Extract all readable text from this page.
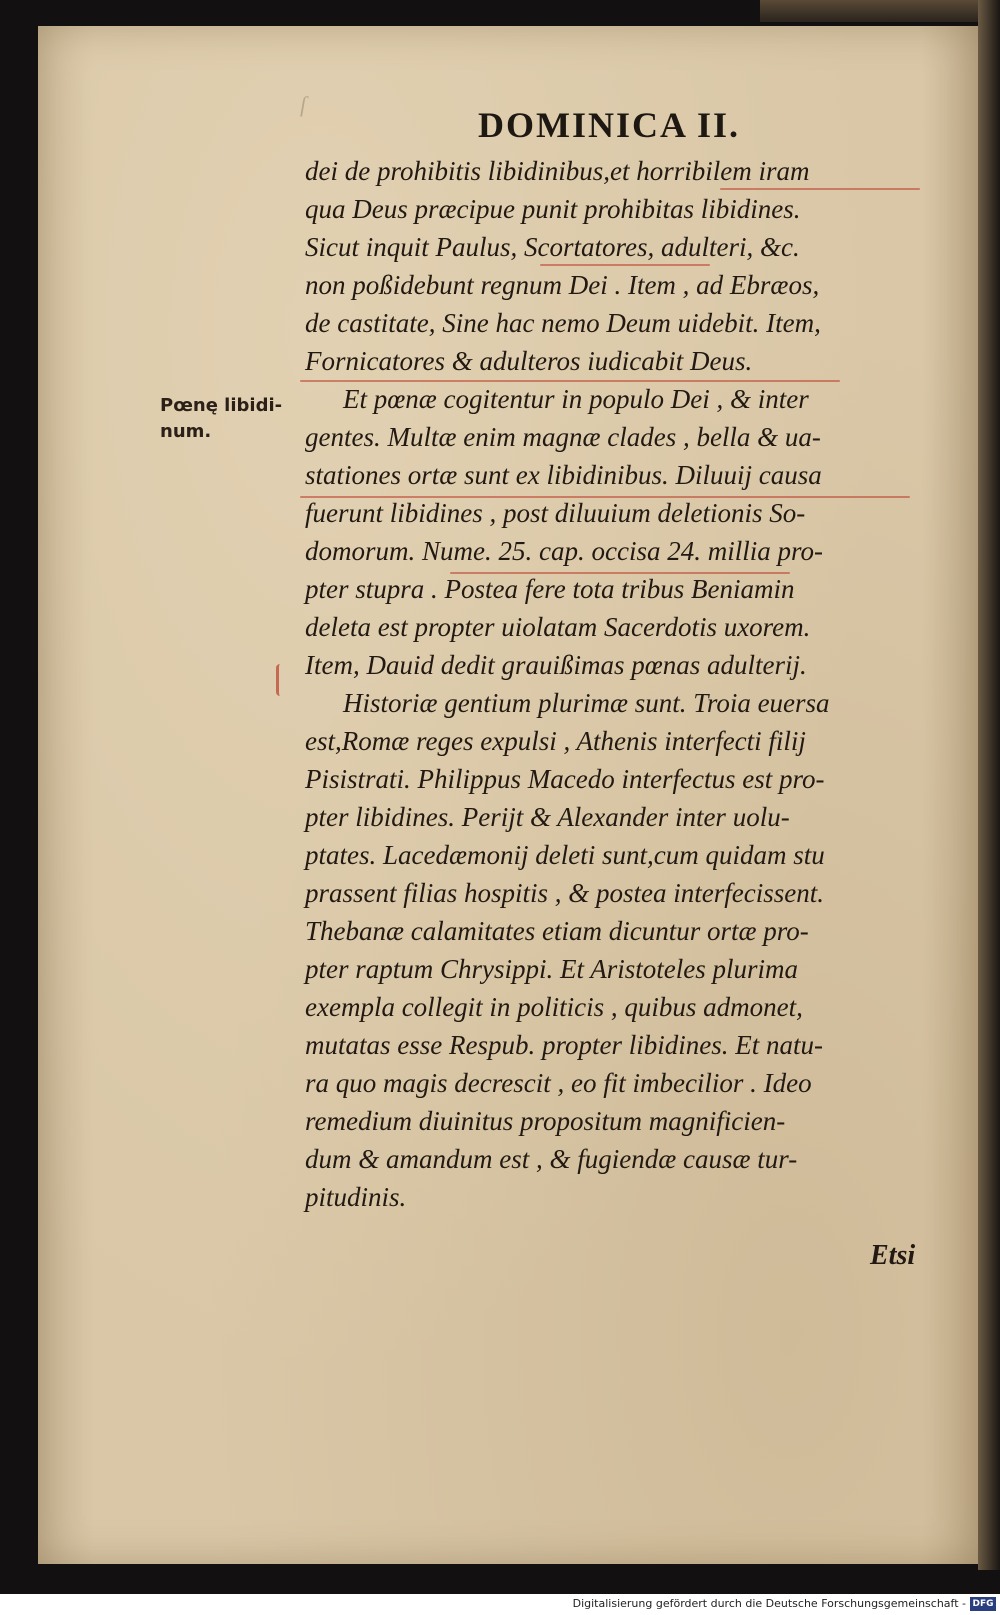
ſ
DOMINICA II.
Pœnę libidi-
num.
dei de prohibitis libidinibus,et horribilem iram
qua Deus præcipue punit prohibitas libidines.
Sicut inquit Paulus, Scortatores, adulteri, &c.
non poßidebunt regnum Dei . Item , ad Ebræos,
de castitate, Sine hac nemo Deum uidebit. Item,
Fornicatores & adulteros iudicabit Deus.
Et pœnæ cogitentur in populo Dei , & inter
gentes. Multæ enim magnæ clades , bella & ua-
stationes ortæ sunt ex libidinibus. Diluuij causa
fuerunt libidines , post diluuium deletionis So-
domorum. Nume. 25. cap. occisa 24. millia pro-
pter stupra . Postea fere tota tribus Beniamin
deleta est propter uiolatam Sacerdotis uxorem.
Item, Dauid dedit grauißimas pœnas adulterij.
Historiæ gentium plurimæ sunt. Troia euersa
est,Romæ reges expulsi , Athenis interfecti filij
Pisistrati. Philippus Macedo interfectus est pro-
pter libidines. Perijt & Alexander inter uolu-
ptates. Lacedæmonij deleti sunt,cum quidam stu
prassent filias hospitis , & postea interfecissent.
Thebanæ calamitates etiam dicuntur ortæ pro-
pter raptum Chrysippi. Et Aristoteles plurima
exempla collegit in politicis , quibus admonet,
mutatas esse Respub. propter libidines. Et natu-
ra quo magis decrescit , eo fit imbecilior . Ideo
remedium diuinitus propositum magnificien-
dum & amandum est , & fugiendæ causæ tur-
pitudinis.
Etsi
Digitalisierung gefördert durch die Deutsche Forschungsgemeinschaft - DFG
